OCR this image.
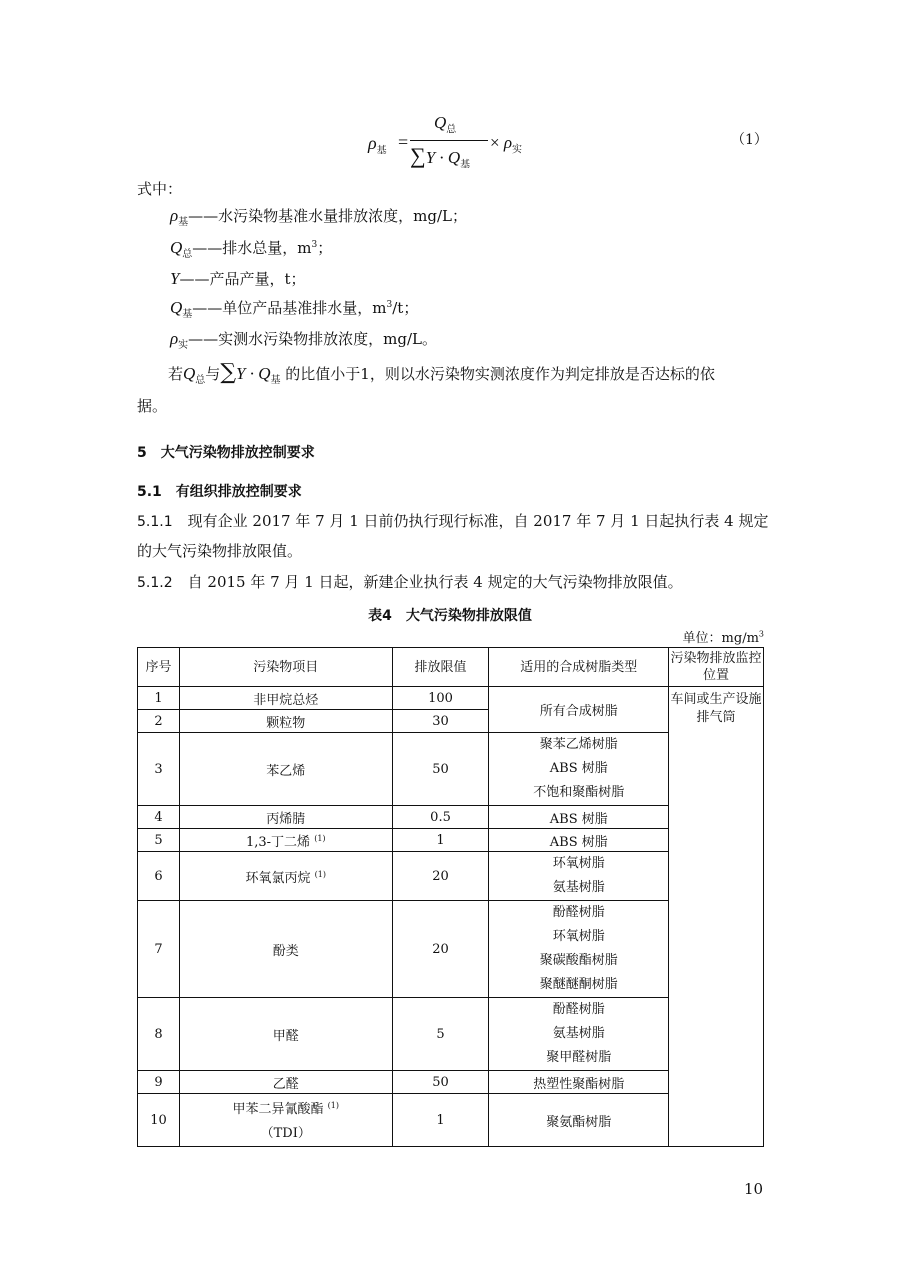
$\rho_基$ =
$Q_总$
$\sum Y \cdot Q_基$
× $\rho_实$
（1）
式中：
$\rho_基——$水污染物基准水量排放浓度，mg/L；
$Q_总——$排水总量，$m^3$；
Y——产品产量，t；
$Q_基——$单位产品基准排水量，$m^3/t$；
$\rho_实——$实测水污染物排放浓度，mg/L。
若$Q_总$与$\sum Y \cdot Q_基$ 的比值小于1，则以水污染物实测浓度作为判定排放是否达标的依
据。
5　大气污染物排放控制要求
5.1　有组织排放控制要求
5.1.1　 现有企业 2017 年 7 月 1 日前仍执行现行标准，自 2017 年 7 月 1 日起执行表 4 规定
的大气污染物排放限值。
5.1.2　 自 2015 年 7 月 1 日起，新建企业执行表 4 规定的大气污染物排放限值。
表4　大气污染物排放限值
单位：$mg/m^3$
序号	污染物项目	排放限值	适用的合成树脂类型	污染物排放监控位置
1	非甲烷总烃	100	所有合成树脂	车间或生产设施排气筒
2	颗粒物	30		
3	苯乙烯	50	聚苯乙烯树脂
ABS 树脂
不饱和聚酯树脂	

4	丙烯腈	0.5	ABS 树脂	
5	1,3-丁二烯 $^{(1)}$	1	ABS 树脂	
6	环氧氯丙烷 $^{(1)}$	20	环氧树脂
氨基树脂	

7	酚类	20	酚醛树脂
环氧树脂
聚碳酸酯树脂
聚醚醚酮树脂	

8	甲醛	5	酚醛树脂
氨基树脂
聚甲醛树脂	

9	乙醛	50	热塑性聚酯树脂	
10	甲苯二异氰酸酯 $^{(1)}$
（TDI）	1	聚氨酯树脂	
10
